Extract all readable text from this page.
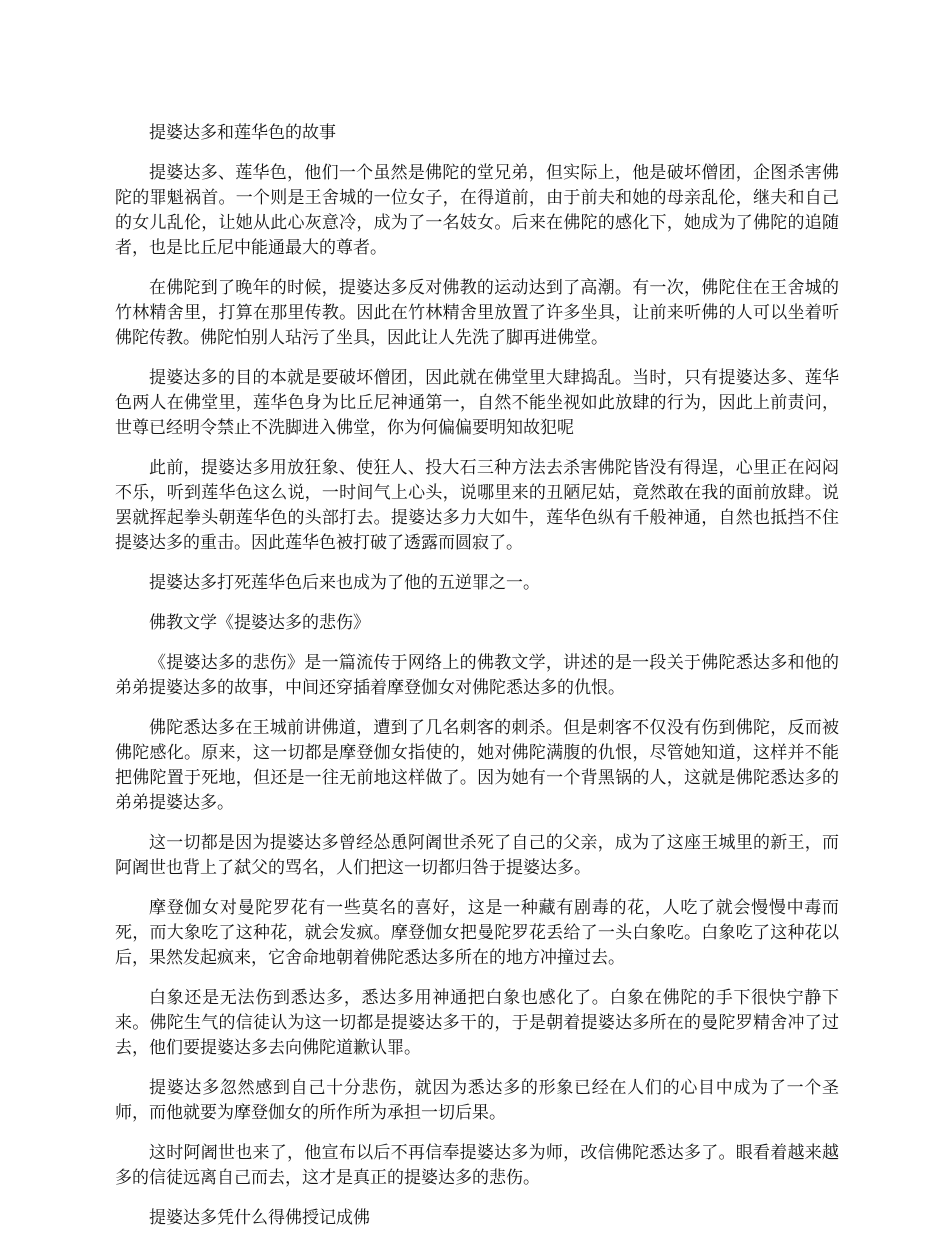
提婆达多和莲华色的故事

提婆达多、莲华色，他们一个虽然是佛陀的堂兄弟，但实际上，他是破坏僧团，企图杀害佛陀的罪魁祸首。一个则是王舍城的一位女子，在得道前，由于前夫和她的母亲乱伦，继夫和自己的女儿乱伦，让她从此心灰意冷，成为了一名妓女。后来在佛陀的感化下，她成为了佛陀的追随者，也是比丘尼中能通最大的尊者。

在佛陀到了晚年的时候，提婆达多反对佛教的运动达到了高潮。有一次，佛陀住在王舍城的竹林精舍里，打算在那里传教。因此在竹林精舍里放置了许多坐具，让前来听佛的人可以坐着听佛陀传教。佛陀怕别人玷污了坐具，因此让人先洗了脚再进佛堂。

提婆达多的目的本就是要破坏僧团，因此就在佛堂里大肆捣乱。当时，只有提婆达多、莲华色两人在佛堂里，莲华色身为比丘尼神通第一，自然不能坐视如此放肆的行为，因此上前责问，世尊已经明令禁止不洗脚进入佛堂，你为何偏偏要明知故犯呢

此前，提婆达多用放狂象、使狂人、投大石三种方法去杀害佛陀皆没有得逞，心里正在闷闷不乐，听到莲华色这么说，一时间气上心头，说哪里来的丑陋尼姑，竟然敢在我的面前放肆。说罢就挥起拳头朝莲华色的头部打去。提婆达多力大如牛，莲华色纵有千般神通，自然也抵挡不住提婆达多的重击。因此莲华色被打破了透露而圆寂了。

提婆达多打死莲华色后来也成为了他的五逆罪之一。

佛教文学《提婆达多的悲伤》

《提婆达多的悲伤》是一篇流传于网络上的佛教文学，讲述的是一段关于佛陀悉达多和他的弟弟提婆达多的故事，中间还穿插着摩登伽女对佛陀悉达多的仇恨。

佛陀悉达多在王城前讲佛道，遭到了几名刺客的刺杀。但是刺客不仅没有伤到佛陀，反而被佛陀感化。原来，这一切都是摩登伽女指使的，她对佛陀满腹的仇恨，尽管她知道，这样并不能把佛陀置于死地，但还是一往无前地这样做了。因为她有一个背黑锅的人，这就是佛陀悉达多的弟弟提婆达多。

这一切都是因为提婆达多曾经怂恿阿阇世杀死了自己的父亲，成为了这座王城里的新王，而阿阇世也背上了弑父的骂名，人们把这一切都归咎于提婆达多。

摩登伽女对曼陀罗花有一些莫名的喜好，这是一种藏有剧毒的花，人吃了就会慢慢中毒而死，而大象吃了这种花，就会发疯。摩登伽女把曼陀罗花丢给了一头白象吃。白象吃了这种花以后，果然发起疯来，它舍命地朝着佛陀悉达多所在的地方冲撞过去。

白象还是无法伤到悉达多，悉达多用神通把白象也感化了。白象在佛陀的手下很快宁静下来。佛陀生气的信徒认为这一切都是提婆达多干的，于是朝着提婆达多所在的曼陀罗精舍冲了过去，他们要提婆达多去向佛陀道歉认罪。

提婆达多忽然感到自己十分悲伤，就因为悉达多的形象已经在人们的心目中成为了一个圣师，而他就要为摩登伽女的所作所为承担一切后果。

这时阿阇世也来了，他宣布以后不再信奉提婆达多为师，改信佛陀悉达多了。眼看着越来越多的信徒远离自己而去，这才是真正的提婆达多的悲伤。

提婆达多凭什么得佛授记成佛
